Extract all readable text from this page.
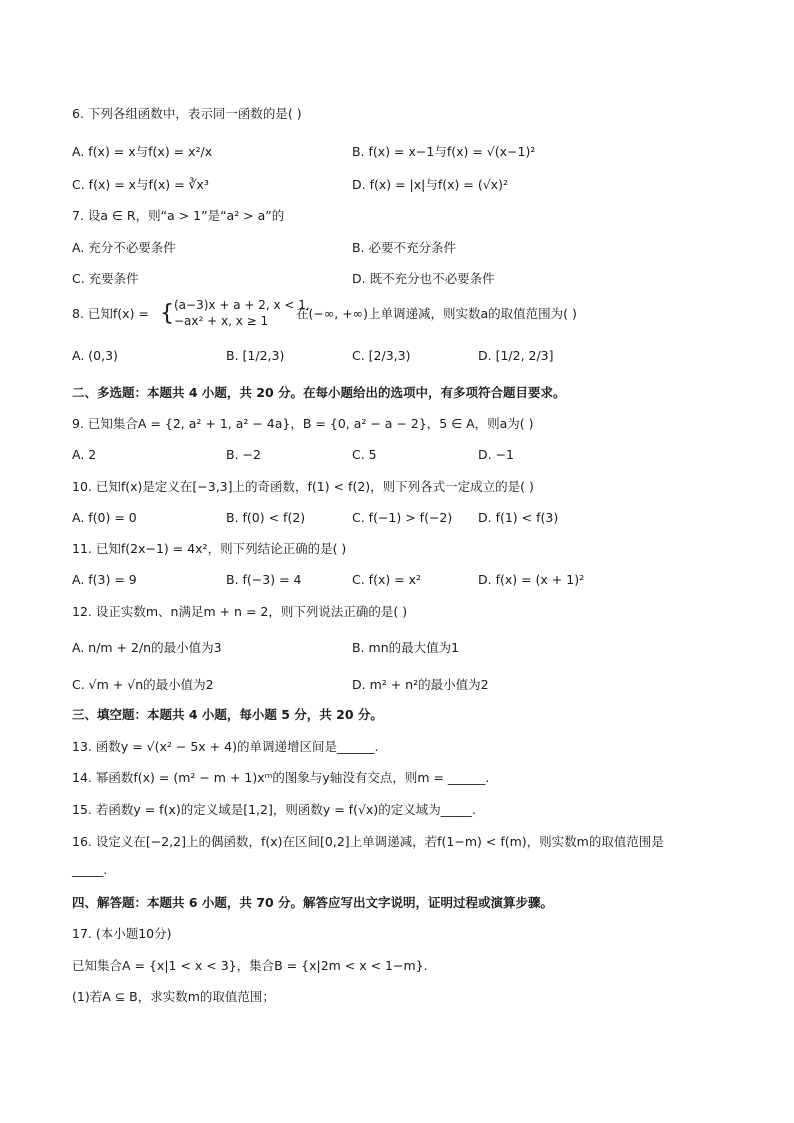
6. 下列各组函数中，表示同一函数的是( )
A. f(x) = x与f(x) = x²/x	B. f(x) = x−1与f(x) = √(x−1)²
C. f(x) = x与f(x) = ∛x³	D. f(x) = |x|与f(x) = (√x)²
7. 设a ∈ R，则“a > 1”是“a² > a”的
A. 充分不必要条件	B. 必要不充分条件
C. 充要条件	D. 既不充分也不必要条件
8. 已知f(x) = { (a−3)x + a + 2, x < 1,
−ax² + x, x ≥ 1 在(−∞, +∞)上单调递减，则实数a的取值范围为( )
A. (0,3)	B. [1/2,3)	C. [2/3,3)	D. [1/2, 2/3]
二、多选题：本题共 4 小题，共 20 分。在每小题给出的选项中，有多项符合题目要求。
9. 已知集合A = {2, a² + 1, a² − 4a}，B = {0, a² − a − 2}，5 ∈ A，则a为( )
A. 2	B. −2	C. 5	D. −1
10. 已知f(x)是定义在[−3,3]上的奇函数，f(1) < f(2)，则下列各式一定成立的是( )
A. f(0) = 0	B. f(0) < f(2)	C. f(−1) > f(−2) D. f(1) < f(3)
11. 已知f(2x−1) = 4x²，则下列结论正确的是( )
A. f(3) = 9	B. f(−3) = 4	C. f(x) = x²	D. f(x) = (x + 1)²
12. 设正实数m、n满足m + n = 2，则下列说法正确的是( )
A. n/m + 2/n的最小值为3	B. mn的最大值为1
C. √m + √n的最小值为2	D. m² + n²的最小值为2
三、填空题：本题共 4 小题，每小题 5 分，共 20 分。
13. 函数y = √(x² − 5x + 4)的单调递增区间是______.
14. 幂函数f(x) = (m² − m + 1)xᵐ的图象与y轴没有交点，则m = ______.
15. 若函数y = f(x)的定义域是[1,2]，则函数y = f(√x)的定义域为_____.
16. 设定义在[−2,2]上的偶函数，f(x)在区间[0,2]上单调递减，若f(1−m) < f(m)，则实数m的取值范围是
_____.
四、解答题：本题共 6 小题，共 70 分。解答应写出文字说明，证明过程或演算步骤。
17. (本小题10分)
已知集合A = {x|1 < x < 3}，集合B = {x|2m < x < 1−m}.
(1)若A ⊆ B，求实数m的取值范围；
